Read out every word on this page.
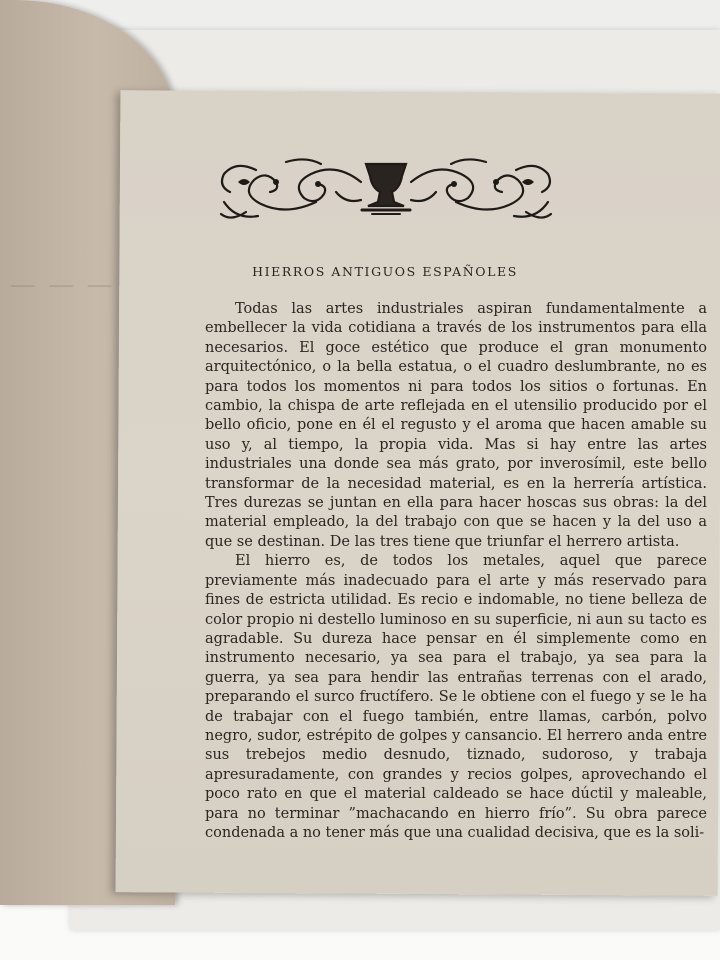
— — —	HIERROS ANTIGUOS ESPAÑOLES

Todas las artes industriales aspiran fundamentalmente a embellecer la vida cotidiana a través de los instrumentos para ella necesarios. El goce estético que produce el gran monumento arquitectónico, o la bella estatua, o el cuadro deslumbrante, no es para todos los momentos ni para todos los sitios o fortunas. En cambio, la chispa de arte reflejada en el utensilio producido por el bello oficio, pone en él el regusto y el aroma que hacen amable su uso y, al tiempo, la propia vida. Mas si hay entre las artes industriales una donde sea más grato, por inverosímil, este bello transformar de la necesidad material, es en la herrería artística. Tres durezas se juntan en ella para hacer hoscas sus obras: la del material empleado, la del trabajo con que se hacen y la del uso a que se destinan. De las tres tiene que triunfar el herrero artista.

El hierro es, de todos los metales, aquel que parece previamente más inadecuado para el arte y más reservado para fines de estricta utilidad. Es recio e indomable, no tiene belleza de color propio ni destello luminoso en su superficie, ni aun su tacto es agradable. Su dureza hace pensar en él simplemente como en instrumento necesario, ya sea para el trabajo, ya sea para la guerra, ya sea para hendir las entrañas terrenas con el arado, preparando el surco fructífero. Se le obtiene con el fuego y se le ha de trabajar con el fuego también, entre llamas, carbón, polvo negro, sudor, estrépito de golpes y cansancio. El herrero anda entre sus trebejos medio desnudo, tiznado, sudoroso, y trabaja apresuradamente, con grandes y recios golpes, aprovechando el poco rato en que el material caldeado se hace dúctil y maleable, para no terminar ”machacando en hierro frío”. Su obra parece condenada a no tener más que una cualidad decisiva, que es la soli-
